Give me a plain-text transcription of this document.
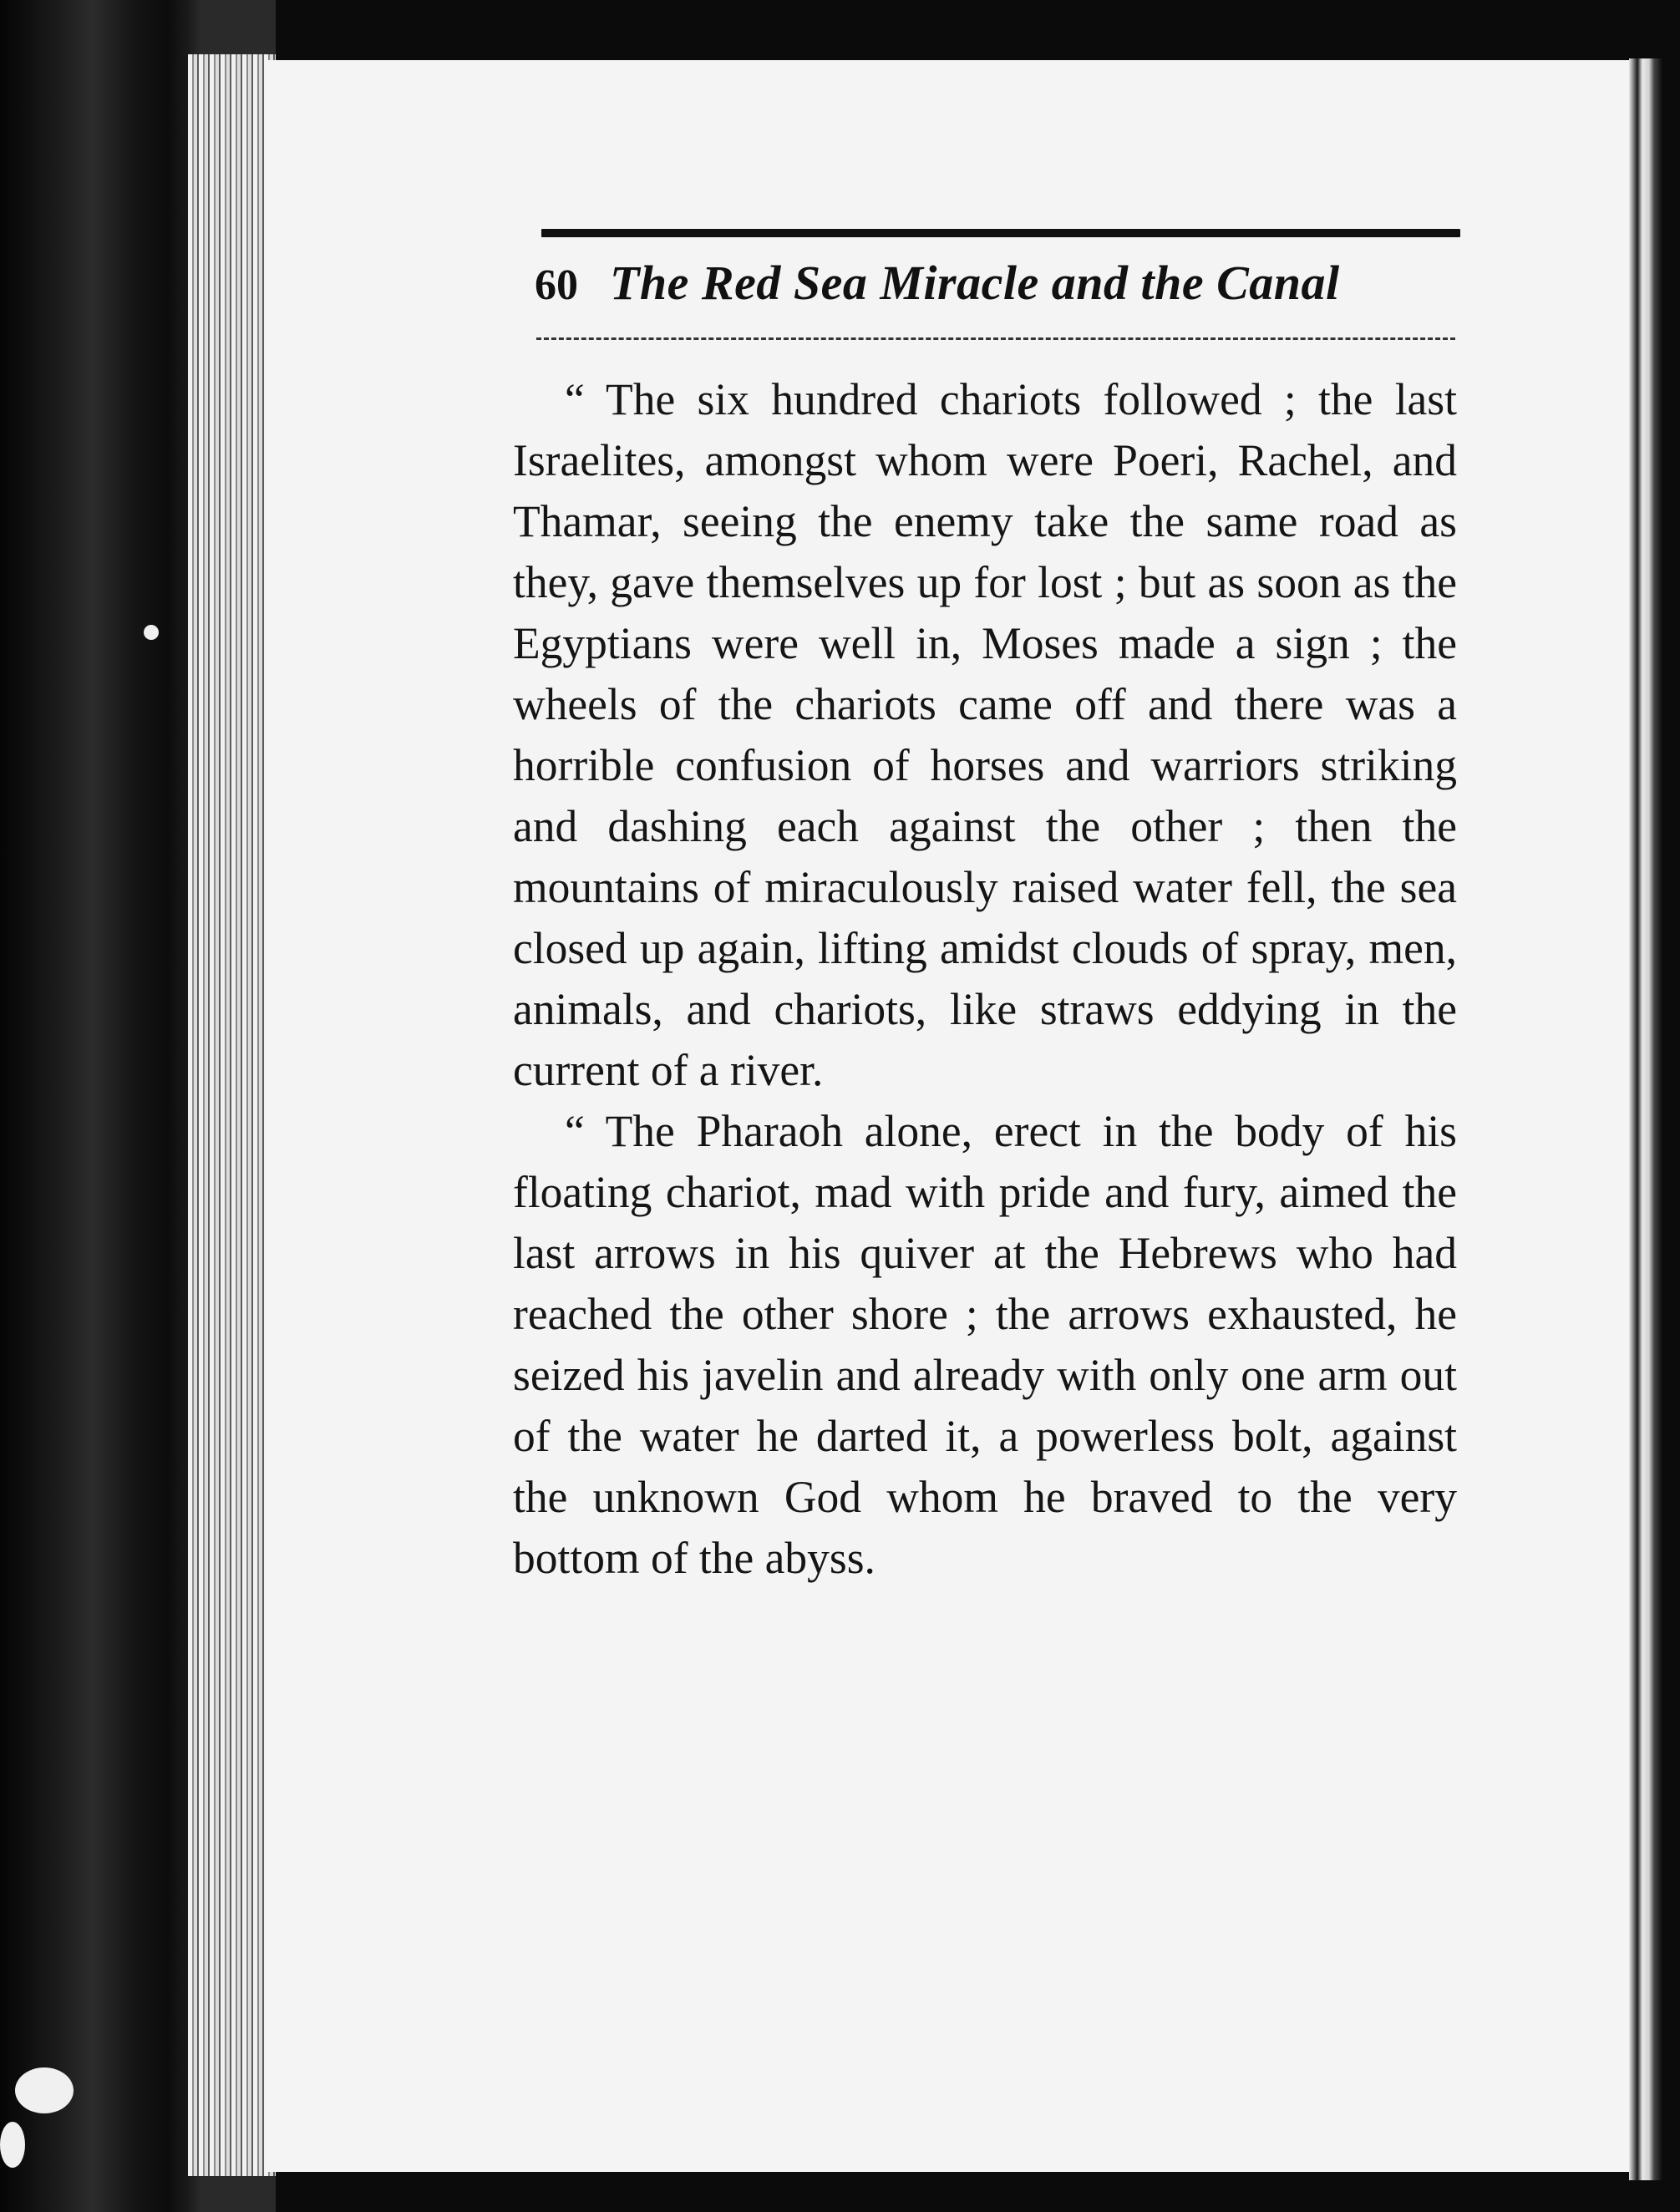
60 The Red Sea Miracle and the Canal

“ The six hundred chariots followed ; the last Israelites, amongst whom were Poeri, Rachel, and Thamar, seeing the enemy take the same road as they, gave themselves up for lost ; but as soon as the Egyptians were well in, Moses made a sign ; the wheels of the chariots came off and there was a horrible confusion of horses and warriors striking and dashing each against the other ; then the mountains of miraculously raised water fell, the sea closed up again, lifting amidst clouds of spray, men, animals, and chariots, like straws eddying in the current of a river.

“ The Pharaoh alone, erect in the body of his floating chariot, mad with pride and fury, aimed the last arrows in his quiver at the Hebrews who had reached the other shore ; the arrows exhausted, he seized his javelin and already with only one arm out of the water he darted it, a powerless bolt, against the unknown God whom he braved to the very bottom of the abyss.
